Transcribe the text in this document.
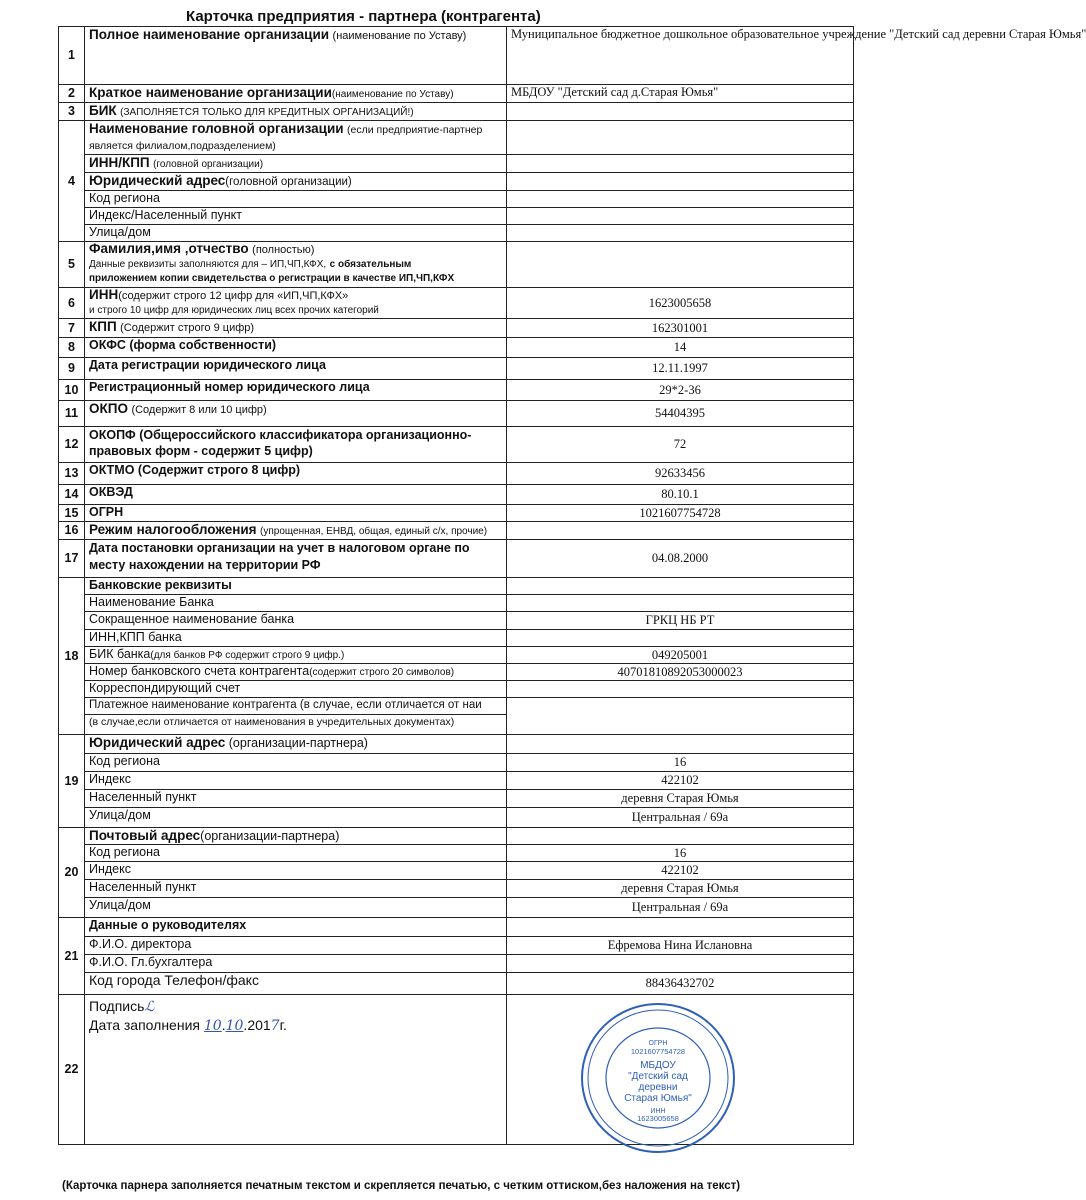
Карточка предприятия - партнера (контрагента)
1	Полное наименование организации (наименование по Уставу)	Муниципальное бюджетное дошкольное образовательное учреждение "Детский сад деревни Старая Юмья"
2	Краткое наименование организации(наименование по Уставу)	МБДОУ "Детский сад д.Старая Юмья"
3	БИК (ЗАПОЛНЯЕТСЯ ТОЛЬКО ДЛЯ КРЕДИТНЫХ ОРГАНИЗАЦИЙ!)	
4	Наименование головной организации (если предприятие-партнер является филиалом,подразделением)	
	ИНН/КПП (головной организации)	
	Юридический адрес(головной организации)	
	Код региона	
	Индекс/Населенный пункт	
	Улица/дом	
5	Фамилия,имя ,отчество (полностью)
Данные реквизиты заполняются для – ИП,ЧП,КФХ, с обязательным
приложением копии свидетельства о регистрации в качестве ИП,ЧП,КФХ	
6	ИНН(содержит строго 12 цифр для «ИП,ЧП,КФХ»
и строго 10 цифр для юридических лиц всех прочих категорий	1623005658
7	КПП (Содержит строго 9 цифр)	162301001
8	ОКФС (форма собственности)	14
9	Дата регистрации юридического лица	12.11.1997
10	Регистрационный номер юридического лица	29*2-36
11	ОКПО (Содержит 8 или 10 цифр)	54404395
12	ОКОПФ (Общероссийского классификатора организационно-правовых форм - содержит 5 цифр)	72
13	ОКТМО (Содержит строго 8 цифр)	92633456
14	ОКВЭД	80.10.1
15	ОГРН	1021607754728
16	Режим налогообложения (упрощенная, ЕНВД, общая, единый с/х, прочие)	
17	Дата постановки организации на учет в налоговом органе по месту нахождении на территории РФ	04.08.2000
18	Банковские реквизиты	
	Наименование Банка	
	Сокращенное наименование банка	ГРКЦ НБ РТ
	ИНН,КПП банка	
	БИК банка(для банков РФ содержит строго 9 цифр.)	049205001
	Номер банковского счета контрагента(содержит строго 20 символов)	40701810892053000023
	Корреспондирующий счет	
	Платежное наименование контрагента (в случае, если отличается от наи	
	(в случае,если отличается от наименования в учредительных документах)	
19	Юридический адрес (организации-партнера)	
	Код региона	16
	Индекс	422102
	Населенный пункт	деревня Старая Юмья
	Улица/дом	Центральная / 69а
20	Почтовый адрес(организации-партнера)	
	Код региона	16
	Индекс	422102
	Населенный пункт	деревня Старая Юмья
	Улица/дом	Центральная / 69а
21	Данные о руководителях	
	Ф.И.О. директора	Ефремова Нина Ислановна
	Ф.И.О. Гл.бухгалтера	
	Код города Телефон/факс	88436432702
22	Подписьℒ
Дата заполнения 10.10.2017г.	
ОГРН
1021607754728
МБДОУ
"Детский сад
деревни
Старая Юмья"
ИНН
1623005658
(Карточка парнера заполняется печатным текстом и скрепляется печатью, с четким оттиском,без наложения на текст)
